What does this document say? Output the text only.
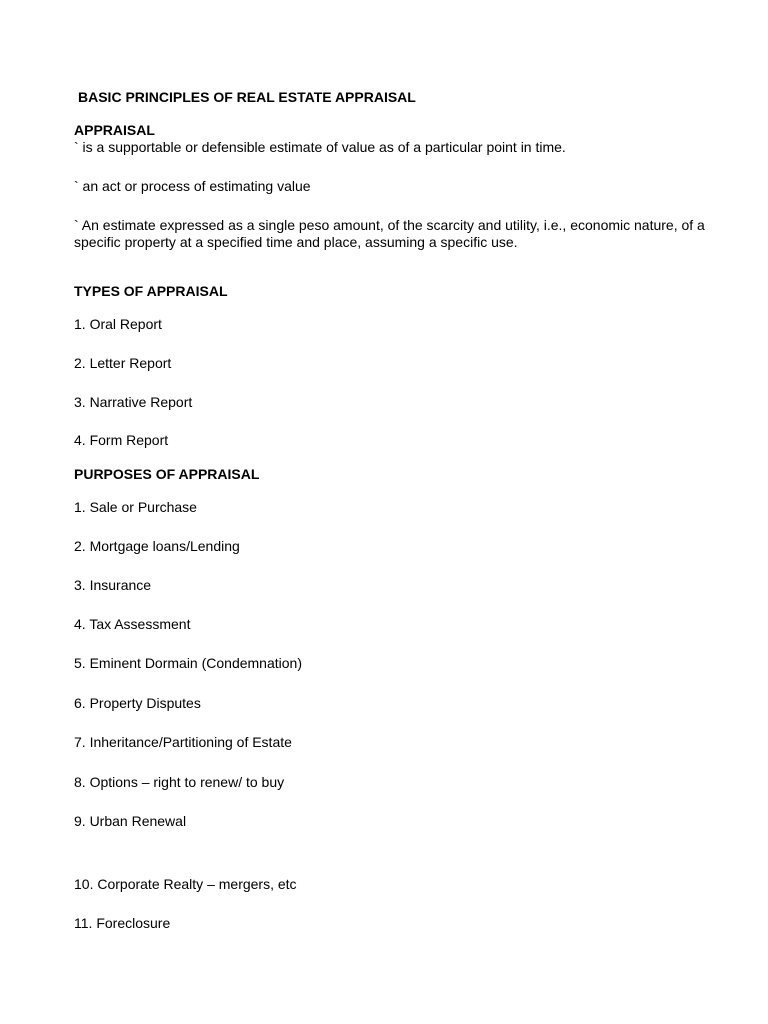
BASIC PRINCIPLES OF REAL ESTATE APPRAISAL
APPRAISAL
` is a supportable or defensible estimate of value as of a particular point in time.
` an act or process of estimating value
` An estimate expressed as a single peso amount, of the scarcity and utility, i.e., economic nature, of a specific property at a specified time and place, assuming a specific use.
TYPES OF APPRAISAL
1. Oral Report
2. Letter Report
3. Narrative Report
4. Form Report
PURPOSES OF APPRAISAL
1. Sale or Purchase
2. Mortgage loans/Lending
3. Insurance
4. Tax Assessment
5. Eminent Dormain (Condemnation)
6. Property Disputes
7. Inheritance/Partitioning of Estate
8. Options – right to renew/ to buy
9. Urban Renewal
10. Corporate Realty – mergers, etc
11. Foreclosure
